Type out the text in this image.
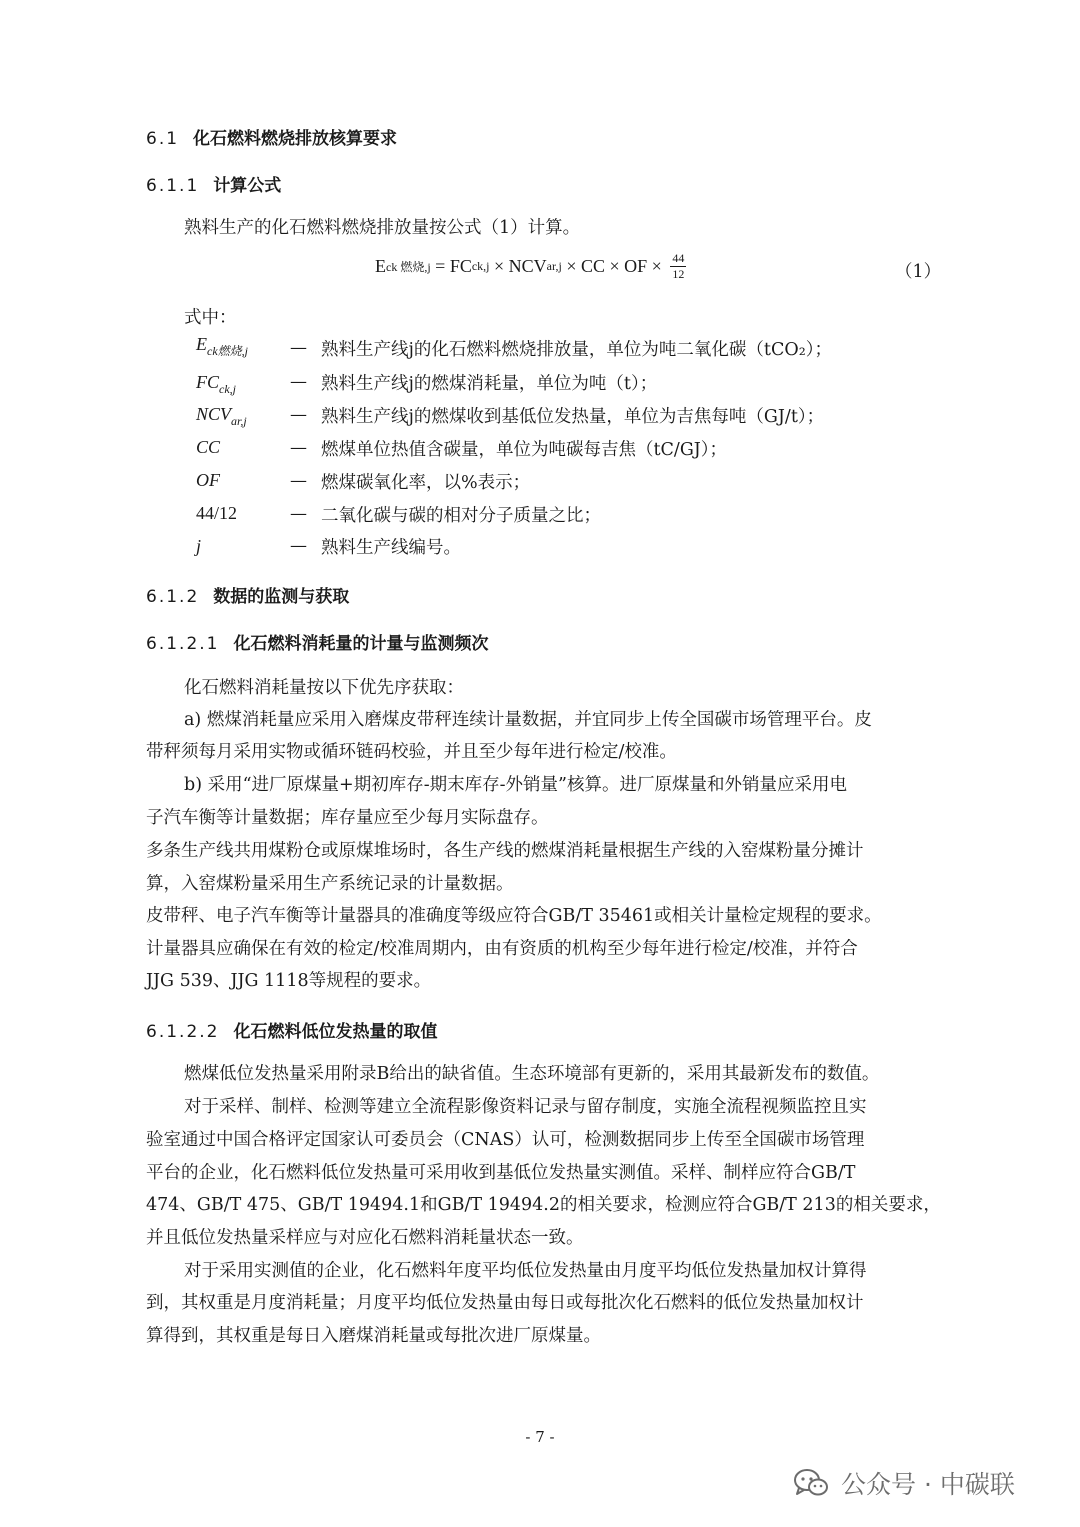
6.1 化石燃料燃烧排放核算要求
6.1.1 计算公式
熟料生产的化石燃料燃烧排放量按公式（1）计算。
E ck 燃烧,j = FC ck,j × NCV ar,j × CC × OF × $\frac{44}{12}$	（1）
式中：
$E_{ck燃烧,j}$ — 熟料生产线j的化石燃料燃烧排放量，单位为吨二氧化碳（tCO₂）；
$FC_{ck,j}$	— 熟料生产线j的燃煤消耗量，单位为吨（t）；
$NCV_{ar,j}$	— 熟料生产线j的燃煤收到基低位发热量，单位为吉焦每吨（GJ/t）；
CC	— 燃煤单位热值含碳量，单位为吨碳每吉焦（tC/GJ）；
OF	— 燃煤碳氧化率，以%表示；
44/12	— 二氧化碳与碳的相对分子质量之比；
j	— 熟料生产线编号。
6.1.2 数据的监测与获取
6.1.2.1 化石燃料消耗量的计量与监测频次
化石燃料消耗量按以下优先序获取：
a) 燃煤消耗量应采用入磨煤皮带秤连续计量数据，并宜同步上传全国碳市场管理平台。皮
带秤须每月采用实物或循环链码校验，并且至少每年进行检定/校准。
b) 采用“进厂原煤量+期初库存-期末库存-外销量”核算。进厂原煤量和外销量应采用电
子汽车衡等计量数据；库存量应至少每月实际盘存。
多条生产线共用煤粉仓或原煤堆场时，各生产线的燃煤消耗量根据生产线的入窑煤粉量分摊计
算，入窑煤粉量采用生产系统记录的计量数据。
皮带秤、电子汽车衡等计量器具的准确度等级应符合GB/T 35461或相关计量检定规程的要求。
计量器具应确保在有效的检定/校准周期内，由有资质的机构至少每年进行检定/校准，并符合
JJG 539、JJG 1118等规程的要求。
6.1.2.2 化石燃料低位发热量的取值
燃煤低位发热量采用附录B给出的缺省值。生态环境部有更新的，采用其最新发布的数值。
对于采样、制样、检测等建立全流程影像资料记录与留存制度，实施全流程视频监控且实
验室通过中国合格评定国家认可委员会（CNAS）认可，检测数据同步上传至全国碳市场管理
平台的企业，化石燃料低位发热量可采用收到基低位发热量实测值。采样、制样应符合GB/T
474、GB/T 475、GB/T 19494.1和GB/T 19494.2的相关要求，检测应符合GB/T 213的相关要求，
并且低位发热量采样应与对应化石燃料消耗量状态一致。
对于采用实测值的企业，化石燃料年度平均低位发热量由月度平均低位发热量加权计算得
到，其权重是月度消耗量；月度平均低位发热量由每日或每批次化石燃料的低位发热量加权计
算得到，其权重是每日入磨煤消耗量或每批次进厂原煤量。
- 7 -
公众号 · 中碳联
